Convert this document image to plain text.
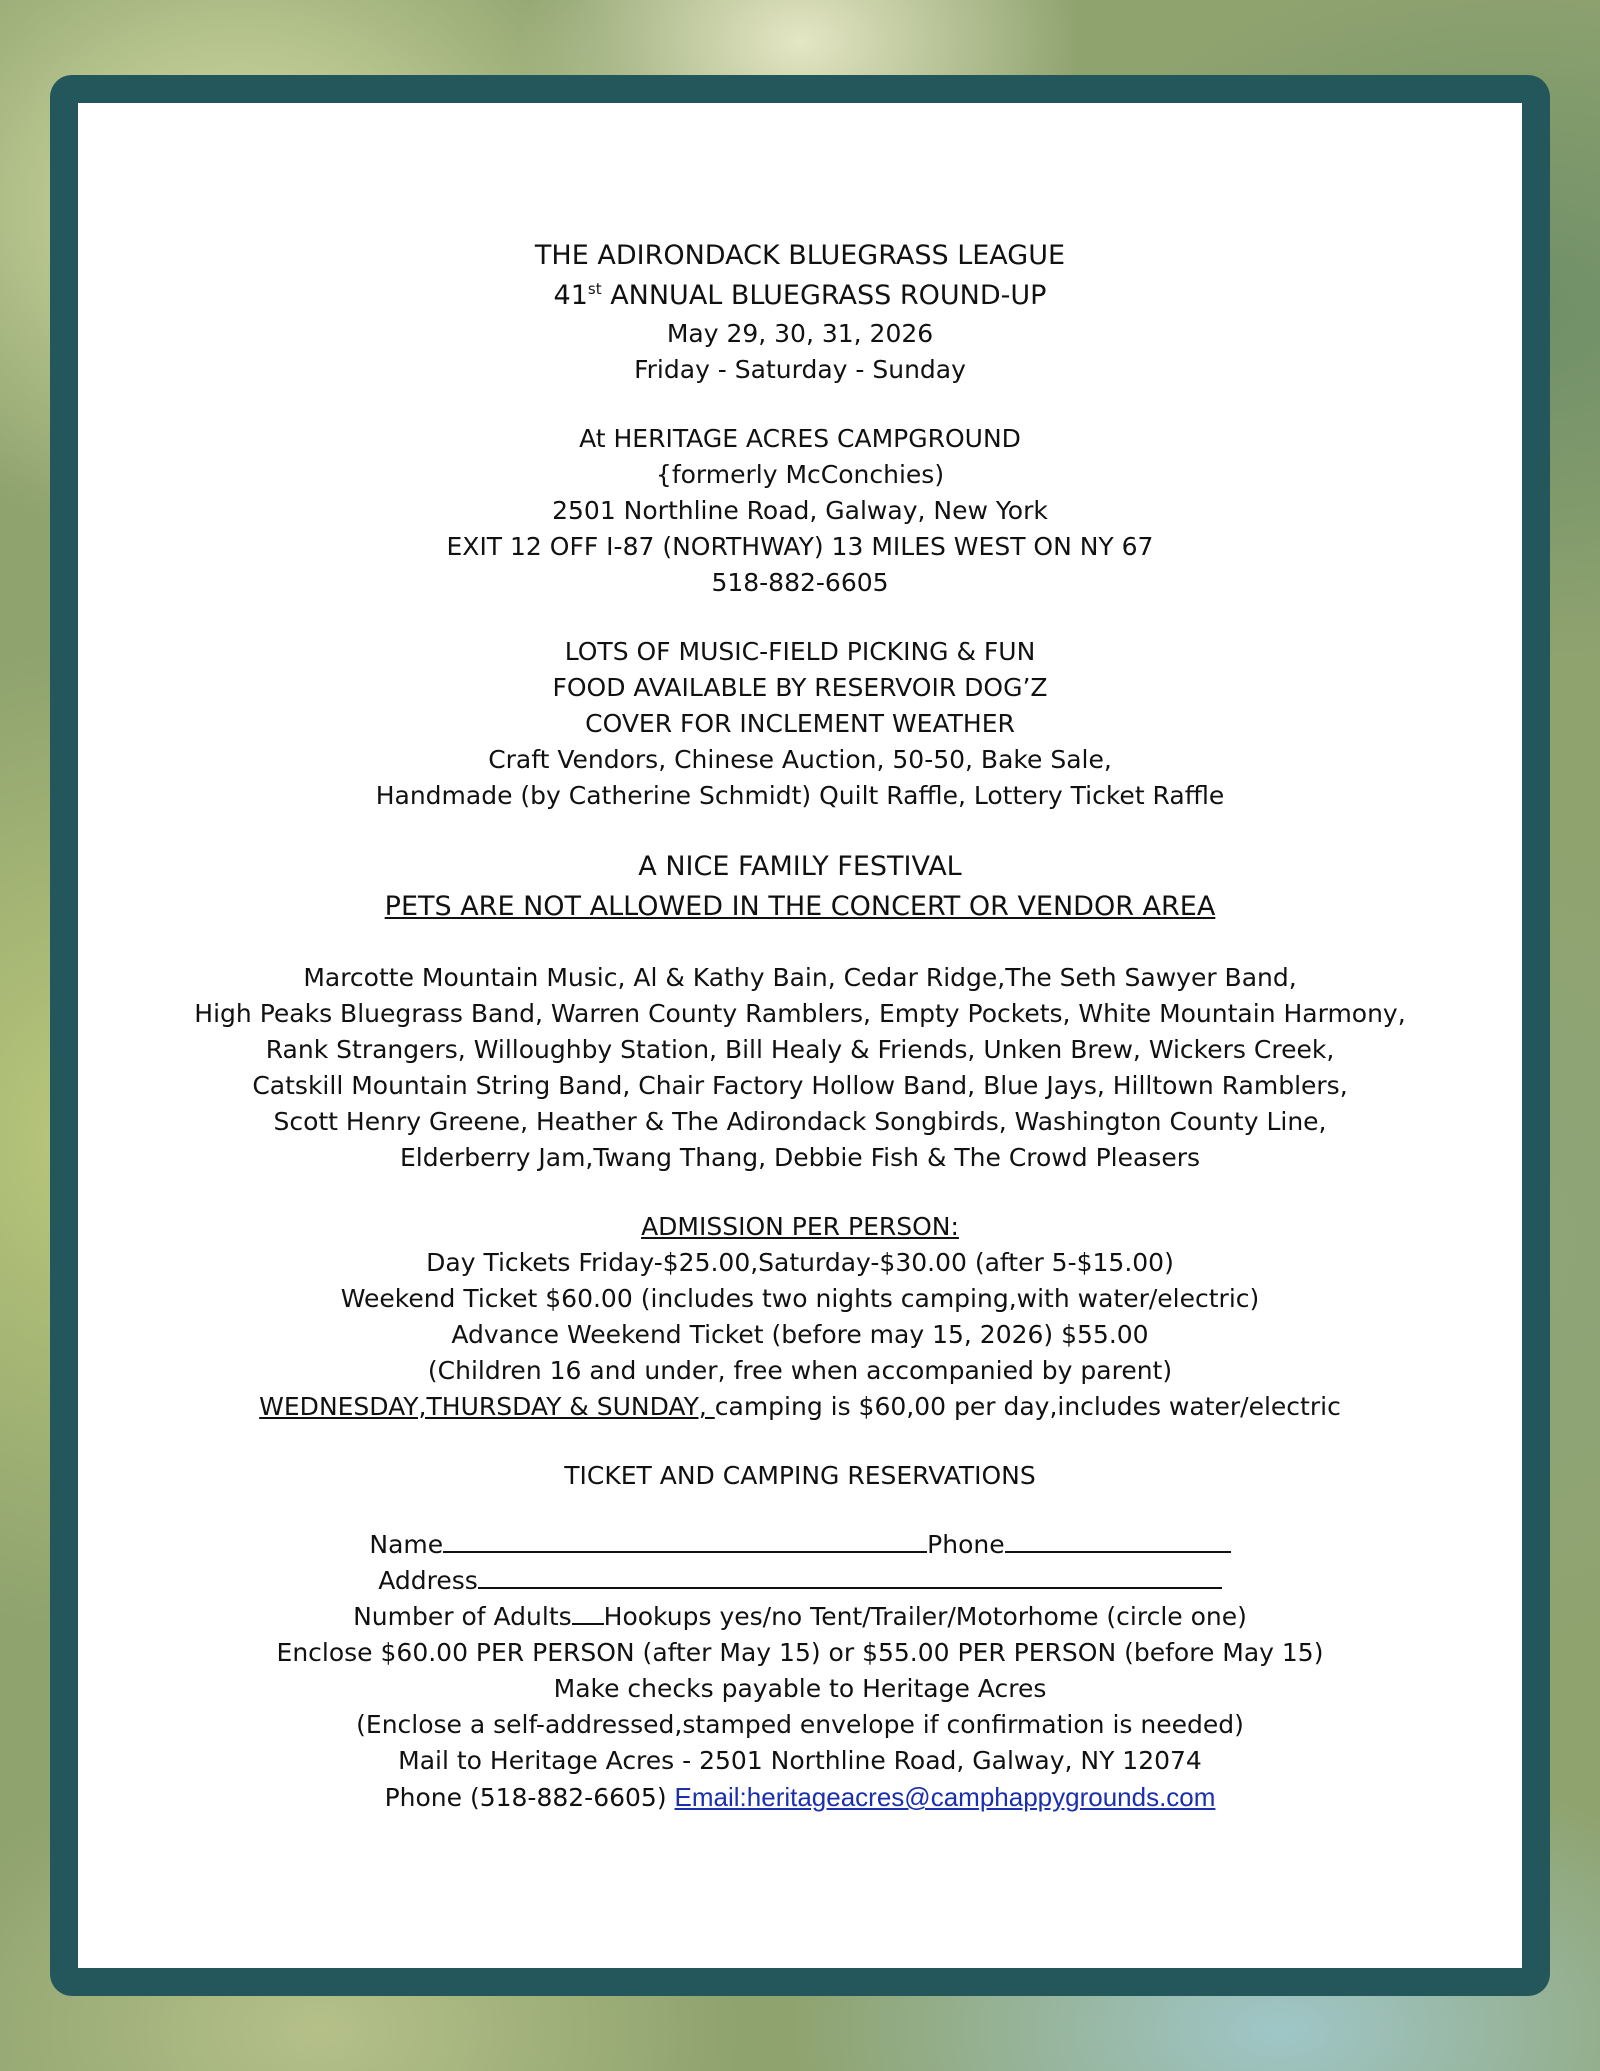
THE ADIRONDACK BLUEGRASS LEAGUE
41st ANNUAL BLUEGRASS ROUND-UP
May 29, 30, 31, 2026
Friday - Saturday - Sunday
At HERITAGE ACRES CAMPGROUND
{formerly McConchies)
2501 Northline Road, Galway, New York
EXIT 12 OFF I-87 (NORTHWAY) 13 MILES WEST ON NY 67
518-882-6605
LOTS OF MUSIC-FIELD PICKING & FUN
FOOD AVAILABLE BY RESERVOIR DOG’Z
COVER FOR INCLEMENT WEATHER
Craft Vendors, Chinese Auction, 50-50, Bake Sale,
Handmade (by Catherine Schmidt) Quilt Raffle, Lottery Ticket Raffle
A NICE FAMILY FESTIVAL
PETS ARE NOT ALLOWED IN THE CONCERT OR VENDOR AREA
Marcotte Mountain Music, Al & Kathy Bain, Cedar Ridge,The Seth Sawyer Band,
High Peaks Bluegrass Band, Warren County Ramblers, Empty Pockets, White Mountain Harmony,
Rank Strangers, Willoughby Station, Bill Healy & Friends, Unken Brew, Wickers Creek,
Catskill Mountain String Band, Chair Factory Hollow Band, Blue Jays, Hilltown Ramblers,
Scott Henry Greene, Heather & The Adirondack Songbirds, Washington County Line,
Elderberry Jam,Twang Thang, Debbie Fish & The Crowd Pleasers
ADMISSION PER PERSON:
Day Tickets Friday-$25.00,Saturday-$30.00 (after 5-$15.00)
Weekend Ticket $60.00 (includes two nights camping,with water/electric)
Advance Weekend Ticket (before may 15, 2026) $55.00
(Children 16 and under, free when accompanied by parent)
WEDNESDAY,THURSDAY & SUNDAY, camping is $60,00 per day,includes water/electric
TICKET AND CAMPING RESERVATIONS
Name	Phone
Address
Number of Adults Hookups yes/no Tent/Trailer/Motorhome (circle one)
Enclose $60.00 PER PERSON (after May 15) or $55.00 PER PERSON (before May 15)
Make checks payable to Heritage Acres
(Enclose a self-addressed,stamped envelope if confirmation is needed)
Mail to Heritage Acres - 2501 Northline Road, Galway, NY 12074
Phone (518-882-6605) Email:heritageacres@camphappygrounds.com
